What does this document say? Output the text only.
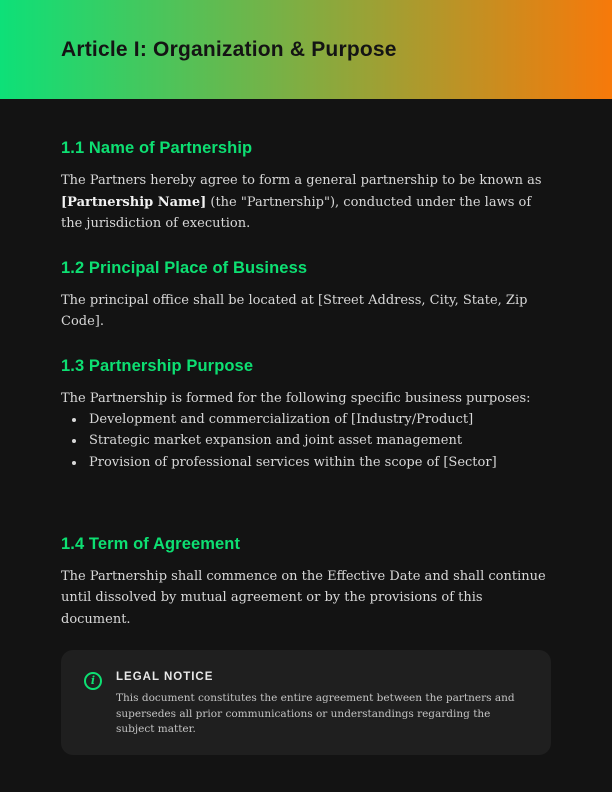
Article I: Organization & Purpose
1.1 Name of Partnership

The Partners hereby agree to form a general partnership to be known as [Partnership Name] (the "Partnership"), conducted under the laws of the jurisdiction of execution.

1.2 Principal Place of Business

The principal office shall be located at [Street Address, City, State, Zip Code].

1.3 Partnership Purpose

The Partnership is formed for the following specific business purposes:

• Development and commercialization of [Industry/Product]
• Strategic market expansion and joint asset management
• Provision of professional services within the scope of [Sector]
1.4 Term of Agreement

The Partnership shall commence on the Effective Date and shall continue until dissolved by mutual agreement or by the provisions of this document.

i	LEGAL NOTICE

This document constitutes the entire agreement between the partners and supersedes all prior communications or understandings regarding the subject matter.
